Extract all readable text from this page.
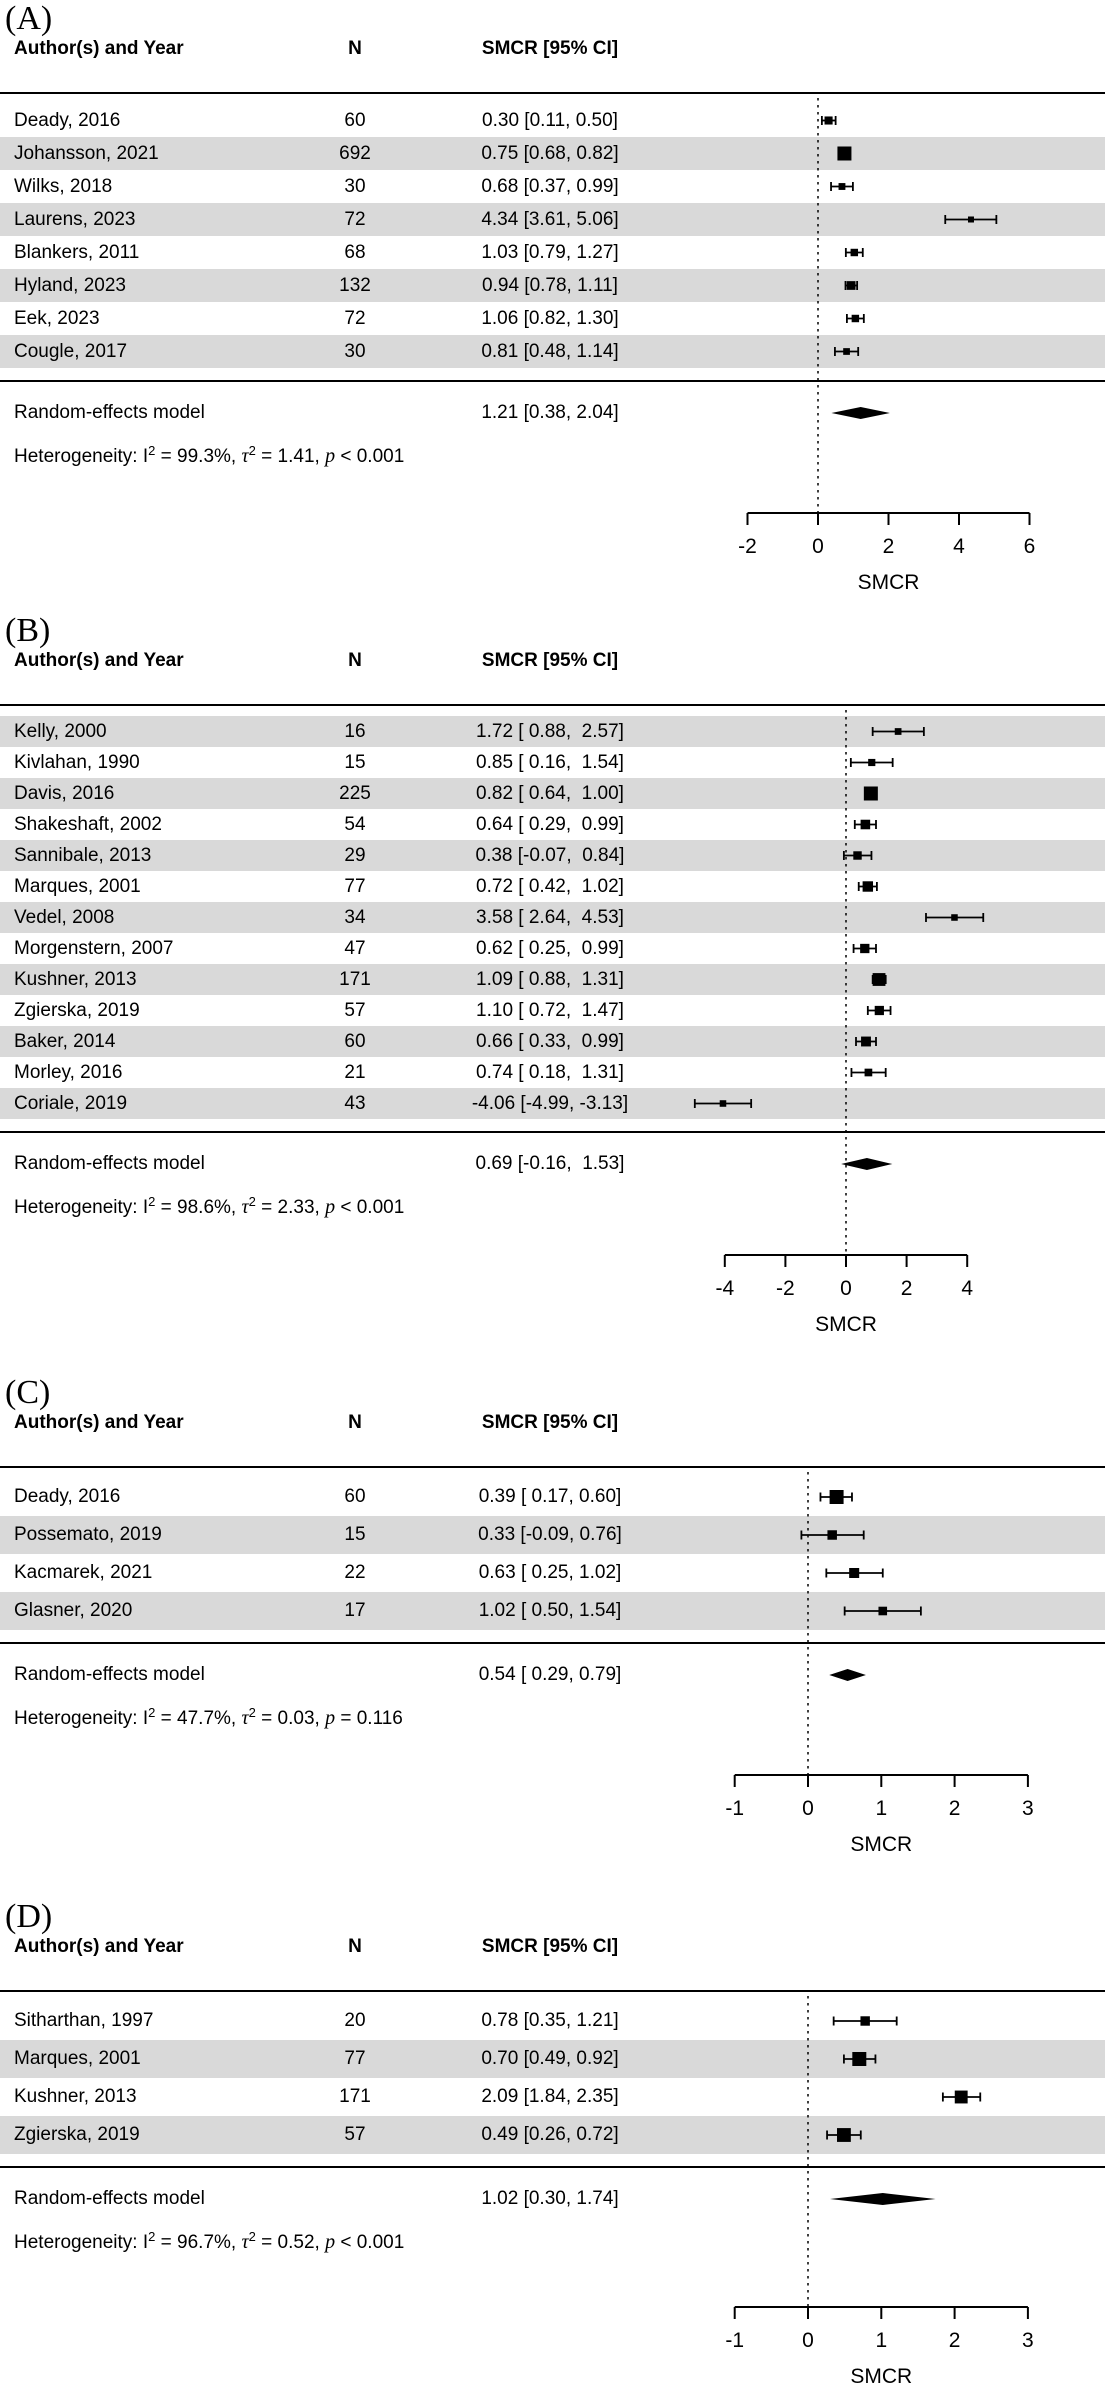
(A)
Author(s) and Year	N	SMCR [95% CI]
Deady, 2016	60	0.30 [0.11, 0.50]
Johansson, 2021	692	0.75 [0.68, 0.82]
Wilks, 2018	30	0.68 [0.37, 0.99]
Laurens, 2023	72	4.34 [3.61, 5.06]
Blankers, 2011	68	1.03 [0.79, 1.27]
Hyland, 2023	132	0.94 [0.78, 1.11]
Eek, 2023	72	1.06 [0.82, 1.30]
Cougle, 2017	30	0.81 [0.48, 1.14]
Random-effects model	1.21 [0.38, 2.04]
Heterogeneity: $I^2 = 99.3\%$, $\tau^2 = 1.41$, p < 0.001
-2	0	2	4	6
SMCR
(B)
Author(s) and Year	N	SMCR [95% CI]
Kelly, 2000	16	1.72 [ 0.88,  2.57]
Kivlahan, 1990	15	0.85 [ 0.16,  1.54]
Davis, 2016	225	0.82 [ 0.64,  1.00]
Shakeshaft, 2002	54	0.64 [ 0.29,  0.99]
Sannibale, 2013	29	0.38 [-0.07,  0.84]
Marques, 2001	77	0.72 [ 0.42,  1.02]
Vedel, 2008	34	3.58 [ 2.64,  4.53]
Morgenstern, 2007	47	0.62 [ 0.25,  0.99]
Kushner, 2013	171	1.09 [ 0.88,  1.31]
Zgierska, 2019	57	1.10 [ 0.72,  1.47]
Baker, 2014	60	0.66 [ 0.33,  0.99]
Morley, 2016	21	0.74 [ 0.18,  1.31]
Coriale, 2019	43	-4.06 [-4.99, -3.13]
Random-effects model	0.69 [-0.16,  1.53]
Heterogeneity: $I^2 = 98.6\%$, $\tau^2 = 2.33$, p < 0.001
-4 -2 0 2 4
SMCR
(C)
Author(s) and Year	N	SMCR [95% CI]
Deady, 2016	60	0.39 [ 0.17, 0.60]
Possemato, 2019	15	0.33 [-0.09, 0.76]
Kacmarek, 2021	22	0.63 [ 0.25, 1.02]
Glasner, 2020	17	1.02 [ 0.50, 1.54]
Random-effects model	0.54 [ 0.29, 0.79]
Heterogeneity: $I^2 = 47.7\%$, $\tau^2 = 0.03$, p = 0.116
-1	0	1	2	3
SMCR
(D)
Author(s) and Year	N	SMCR [95% CI]
Sitharthan, 1997	20	0.78 [0.35, 1.21]
Marques, 2001	77	0.70 [0.49, 0.92]
Kushner, 2013	171	2.09 [1.84, 2.35]
Zgierska, 2019	57	0.49 [0.26, 0.72]
Random-effects model	1.02 [0.30, 1.74]
Heterogeneity: $I^2 = 96.7\%$, $\tau^2 = 0.52$, p < 0.001
-1	0	1	2	3
SMCR
